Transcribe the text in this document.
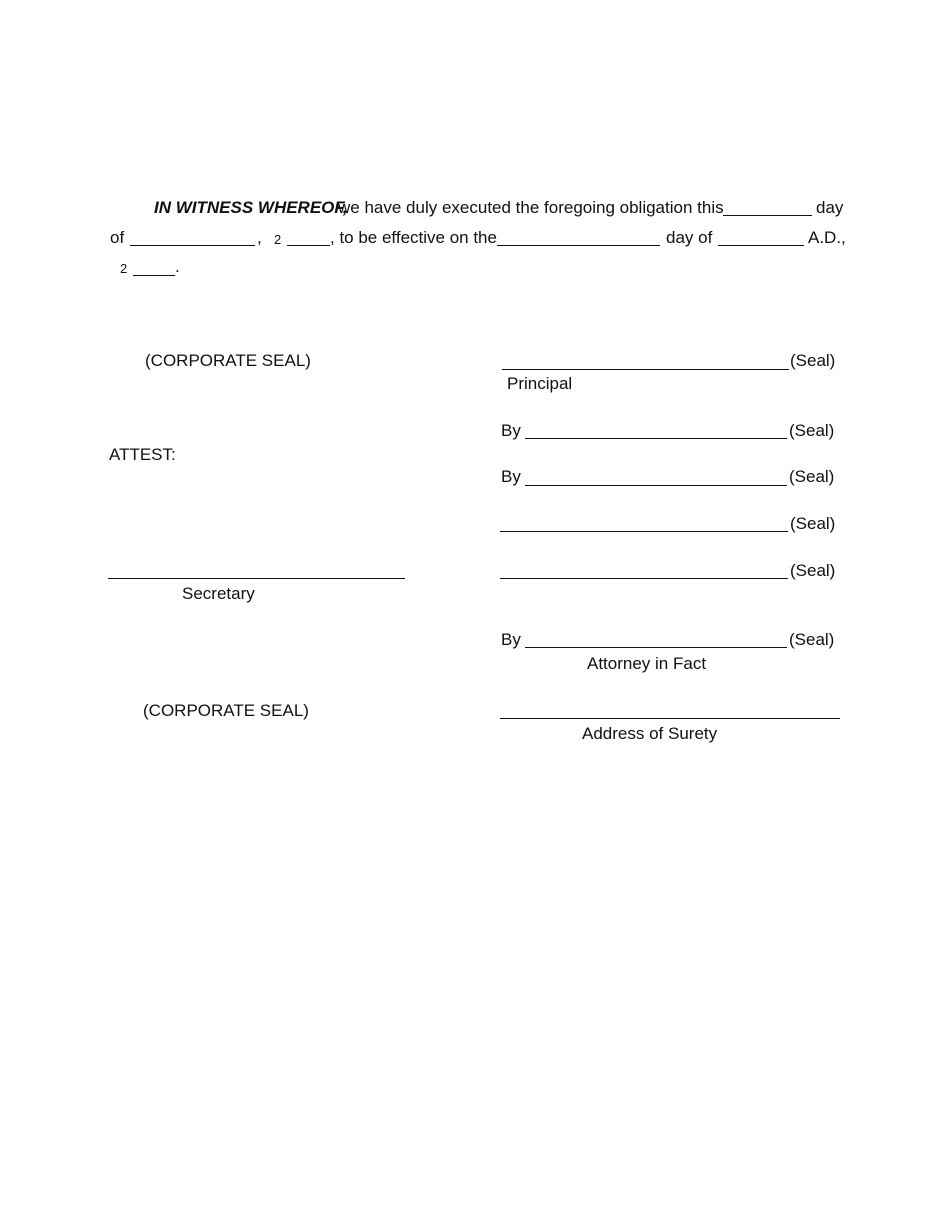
IN WITNESS WHEREOF,
we have duly executed the foregoing obligation this	day
of	, 2	, to be effective on the	day of	A.D.,
2	.
(CORPORATE SEAL)
ATTEST:
Secretary
(CORPORATE SEAL)
(Seal)
Principal
By	(Seal)
By	(Seal)
(Seal)
(Seal)
By	(Seal)
Attorney in Fact
Address of Surety
